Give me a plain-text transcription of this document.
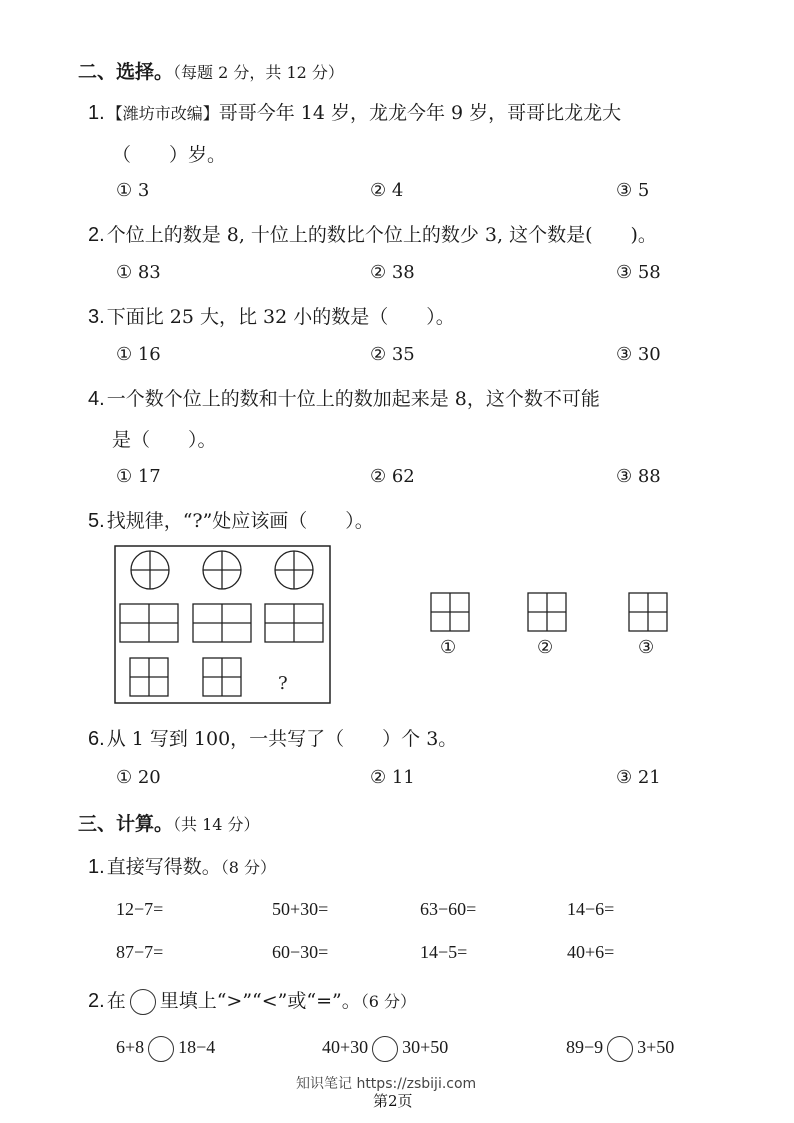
二、选择。（每题 2 分，共 12 分）
1. 【潍坊市改编】哥哥今年 14 岁，龙龙今年 9 岁，哥哥比龙龙大
（　　）岁。
① 3	② 4	③ 5
2. 个位上的数是 8, 十位上的数比个位上的数少 3, 这个数是(　　)。
① 83	② 38	③ 58
3. 下面比 25 大，比 32 小的数是（　　）。
① 16	② 35	③ 30
4. 一个数个位上的数和十位上的数加起来是 8，这个数不可能
是（　　）。
① 17	② 62	③ 88
5. 找规律，“?”处应该画（　　）。
?
①	②	③
6. 从 1 写到 100，一共写了（　　）个 3。
① 20	② 11	③ 21
三、计算。（共 14 分）
1. 直接写得数。（8 分）
12−7=	50+30=	63−60=	14−6=
87−7=	60−30=	14−5=	40+6=
2. 在 里填上“>”“<”或“=”。（6 分）
6+8 18−4	40+30 30+50	89−9 3+50
知识笔记 https://zsbiji.com
第2页
